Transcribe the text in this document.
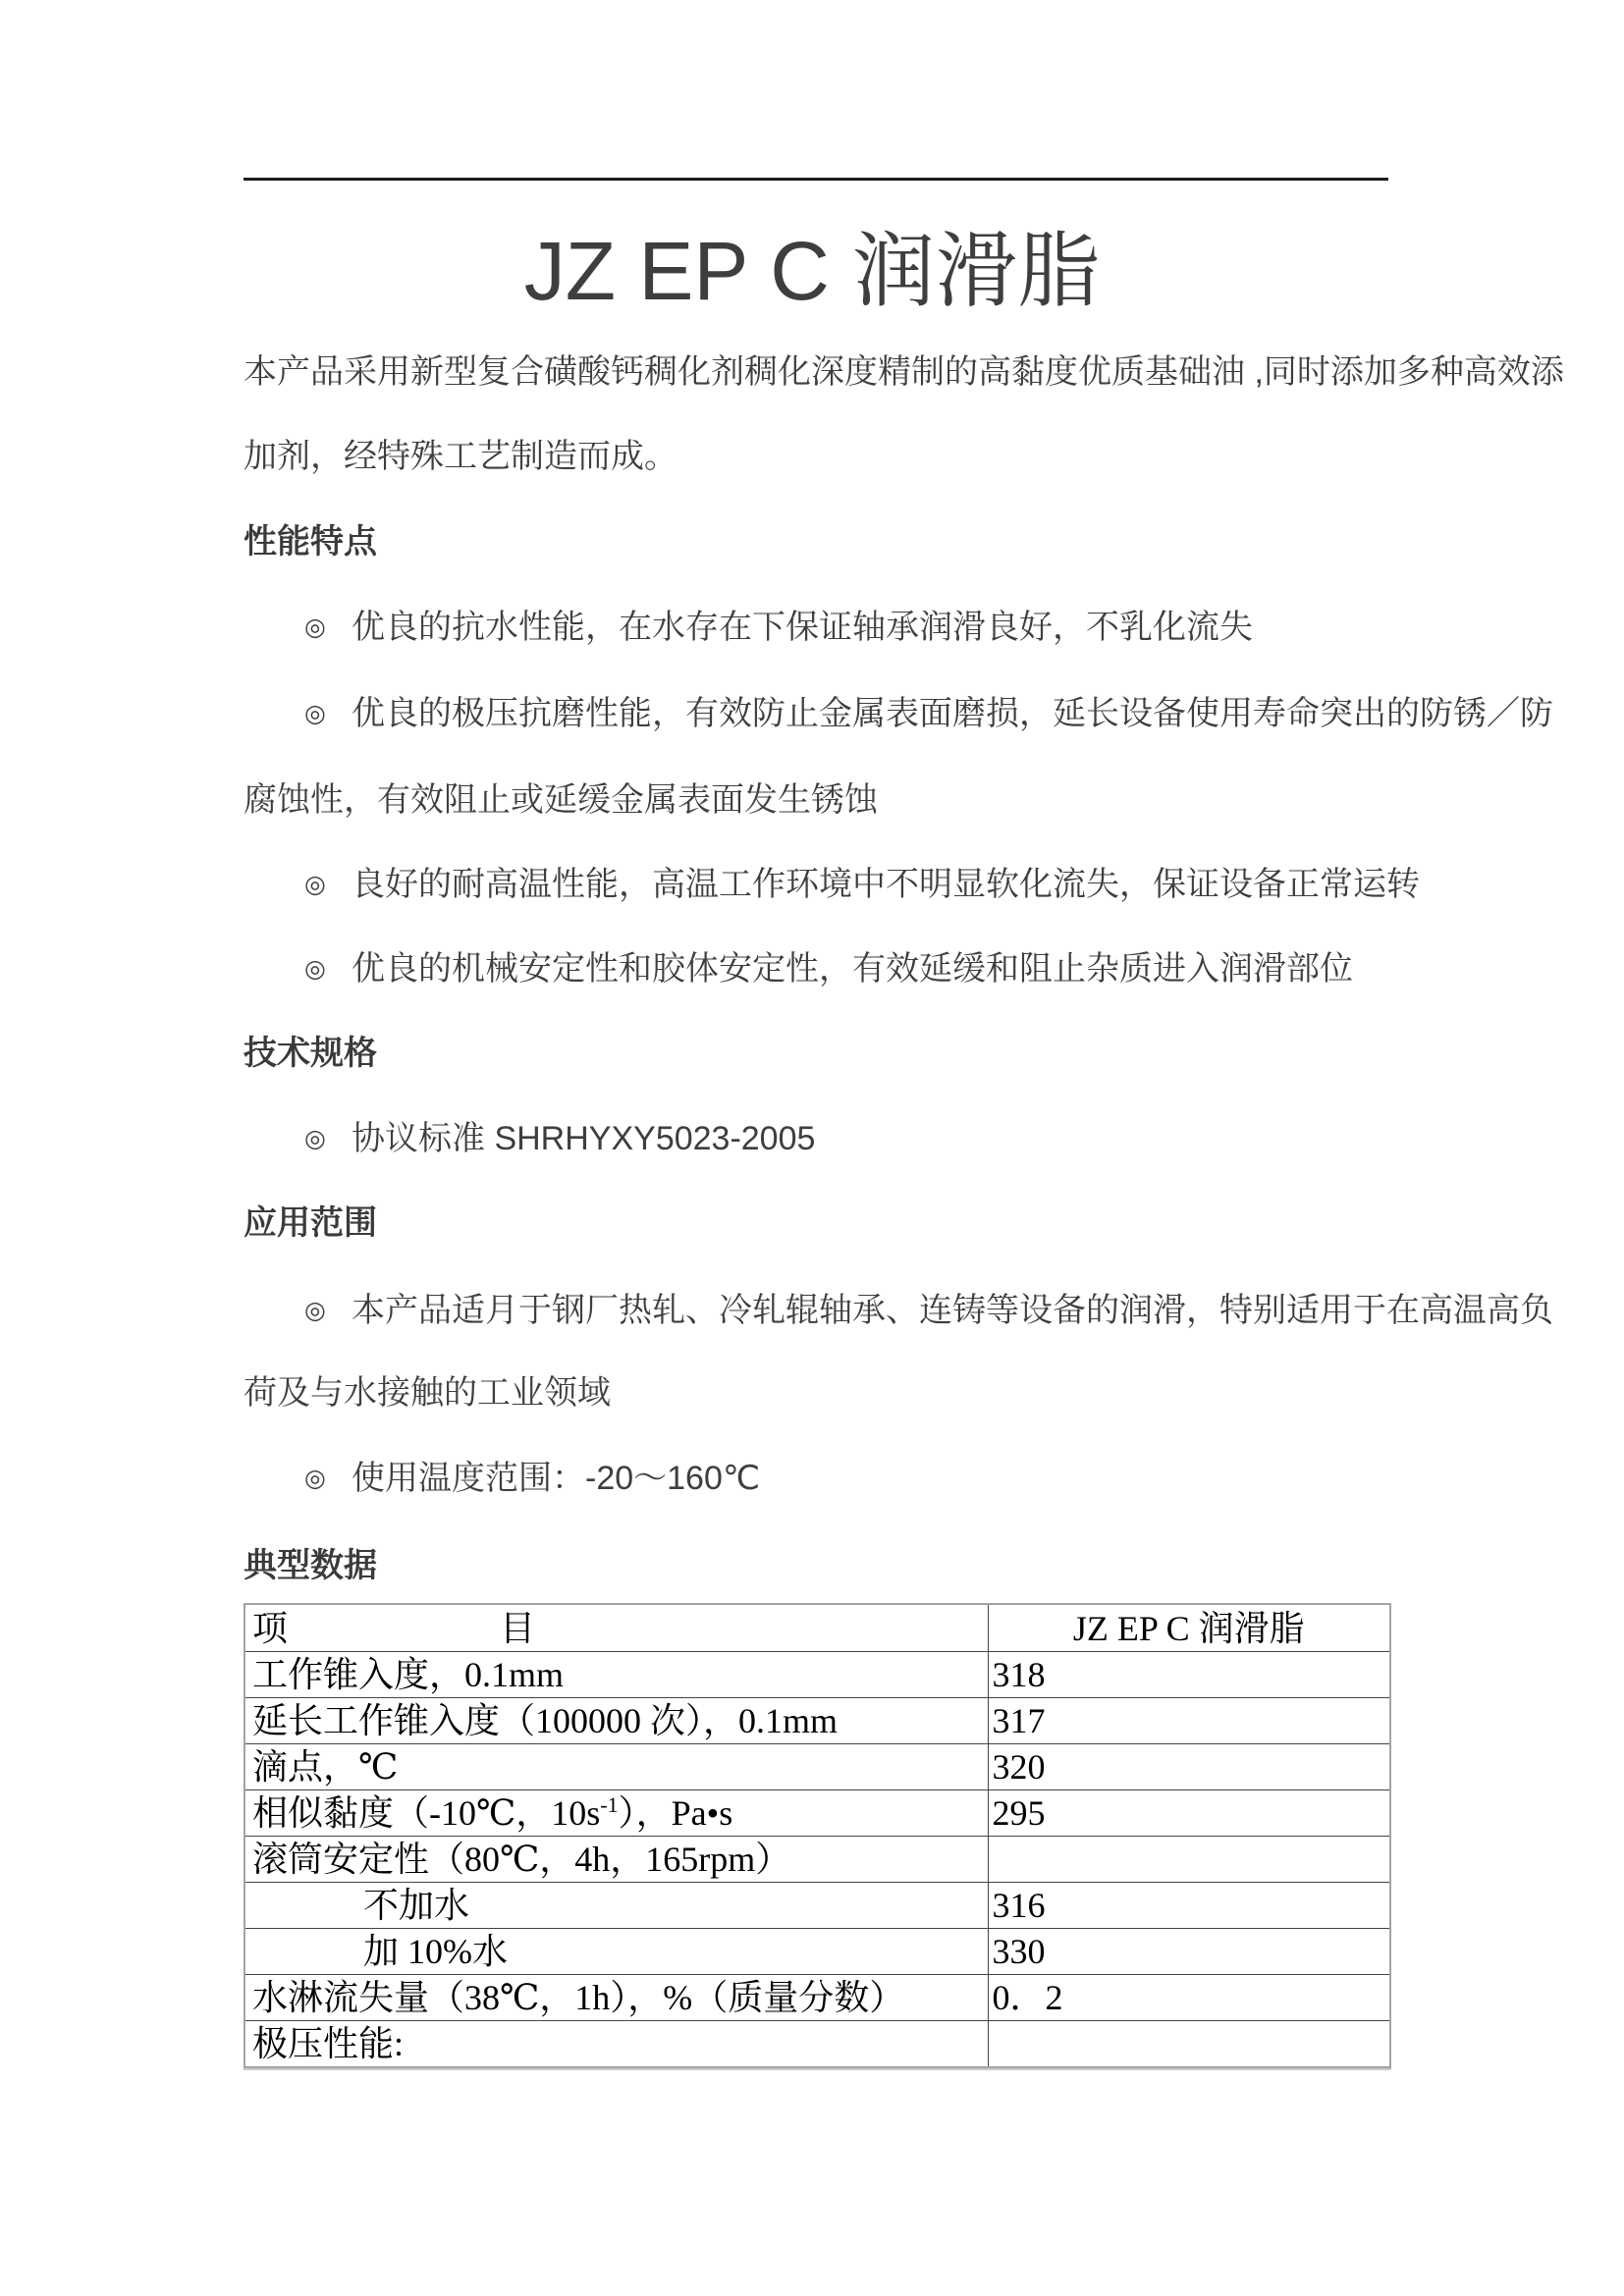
JZ EP C 润滑脂
本产品采用新型复合磺酸钙稠化剂稠化深度精制的高黏度优质基础油 ,同时添加多种高效添
加剂，经特殊工艺制造而成。
性能特点
◎ 优良的抗水性能，在水存在下保证轴承润滑良好，不乳化流失
◎ 优良的极压抗磨性能，有效防止金属表面磨损，延长设备使用寿命突出的防锈／防
腐蚀性，有效阻止或延缓金属表面发生锈蚀
◎ 良好的耐高温性能，高温工作环境中不明显软化流失，保证设备正常运转
◎ 优良的机械安定性和胶体安定性，有效延缓和阻止杂质进入润滑部位
技术规格
◎ 协议标准 SHRHYXY5023-2005
应用范围
◎ 本产品适月于钢厂热轧、冷轧辊轴承、连铸等设备的润滑，特别适用于在高温高负
荷及与水接触的工业领域
◎ 使用温度范围：-20～160℃
典型数据
项　　　　　　目	JZ EP C 润滑脂
工作锥入度，0.1mm	318
延长工作锥入度（100000 次），0.1mm	317
滴点，℃	320
相似黏度（-10℃，$10s^{-1}$），Pa•s	295
滚筒安定性（80℃，4h，165rpm）	
不加水	316
加 10%水	330
水淋流失量（38℃，1h），%（质量分数）	0．2
极压性能:	
